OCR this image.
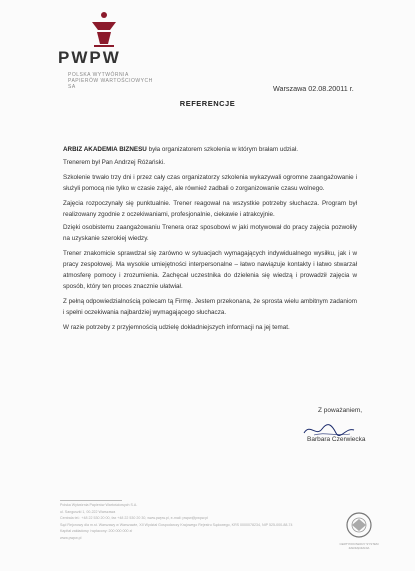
PWPW
POLSKA WYTWÓRNIA PAPIERÓW WARTOŚCIOWYCH SA	Warszawa 02.08.20011 r.
REFERENCJE

ARBIZ AKADEMIA BIZNESU była organizatorem szkolenia w którym brałam udział.

Trenerem był Pan Andrzej Różański.

Szkolenie trwało trzy dni i przez cały czas organizatorzy szkolenia wykazywali ogromne zaangażowanie i służyli pomocą nie tylko w czasie zajęć, ale również zadbali o zorganizowanie czasu wolnego.

Zajęcia rozpoczynały się punktualnie. Trener reagował na wszystkie potrzeby słuchacza. Program był realizowany zgodnie z oczekiwaniami, profesjonalnie, ciekawie i atrakcyjnie.

Dzięki osobistemu zaangażowaniu Trenera oraz sposobowi w jaki motywował do pracy zajęcia pozwoliły na uzyskanie szerokiej wiedzy.

Trener znakomicie sprawdzał się zarówno w sytuacjach wymagających indywidualnego wysiłku, jak i w pracy zespołowej. Ma wysokie umiejętności interpersonalne – łatwo nawiązuje kontakty i łatwo stwarzał atmosferę pomocy i zrozumienia. Zachęcał uczestnika do dzielenia się wiedzą i prowadził zajęcia w sposób, który ten proces znacznie ułatwiał.

Z pełną odpowiedzialnością polecam tą Firmę. Jestem przekonana, że sprosta wielu ambitnym zadaniom i spełni oczekiwania najbardziej wymagającego słuchacza.

W razie potrzeby z przyjemnością udzielę dokładniejszych informacji na jej temat.

Z poważaniem,
Barbara Czerwiecka
Polska Wytwórnia Papierów Wartościowych S.A.
ul. Sanguszki 1, 00-222 Warszawa
Centrala tel.: +48 22 530 20 00, fax +48 22 530 20 30, www.pwpw.pl, e-mail: pwpw@pwpw.pl
Sąd Rejonowy dla m.st. Warszawy w Warszawie, XII Wydział Gospodarczy Krajowego Rejestru Sądowego, KRS 0000078234, NIP 525-000-88-74
Kapitał zakładowy i wpłacony: 200 000 000 zł
www.pwpw.pl
CERTYFIKOWANY SYSTEM ZARZĄDZANIA
